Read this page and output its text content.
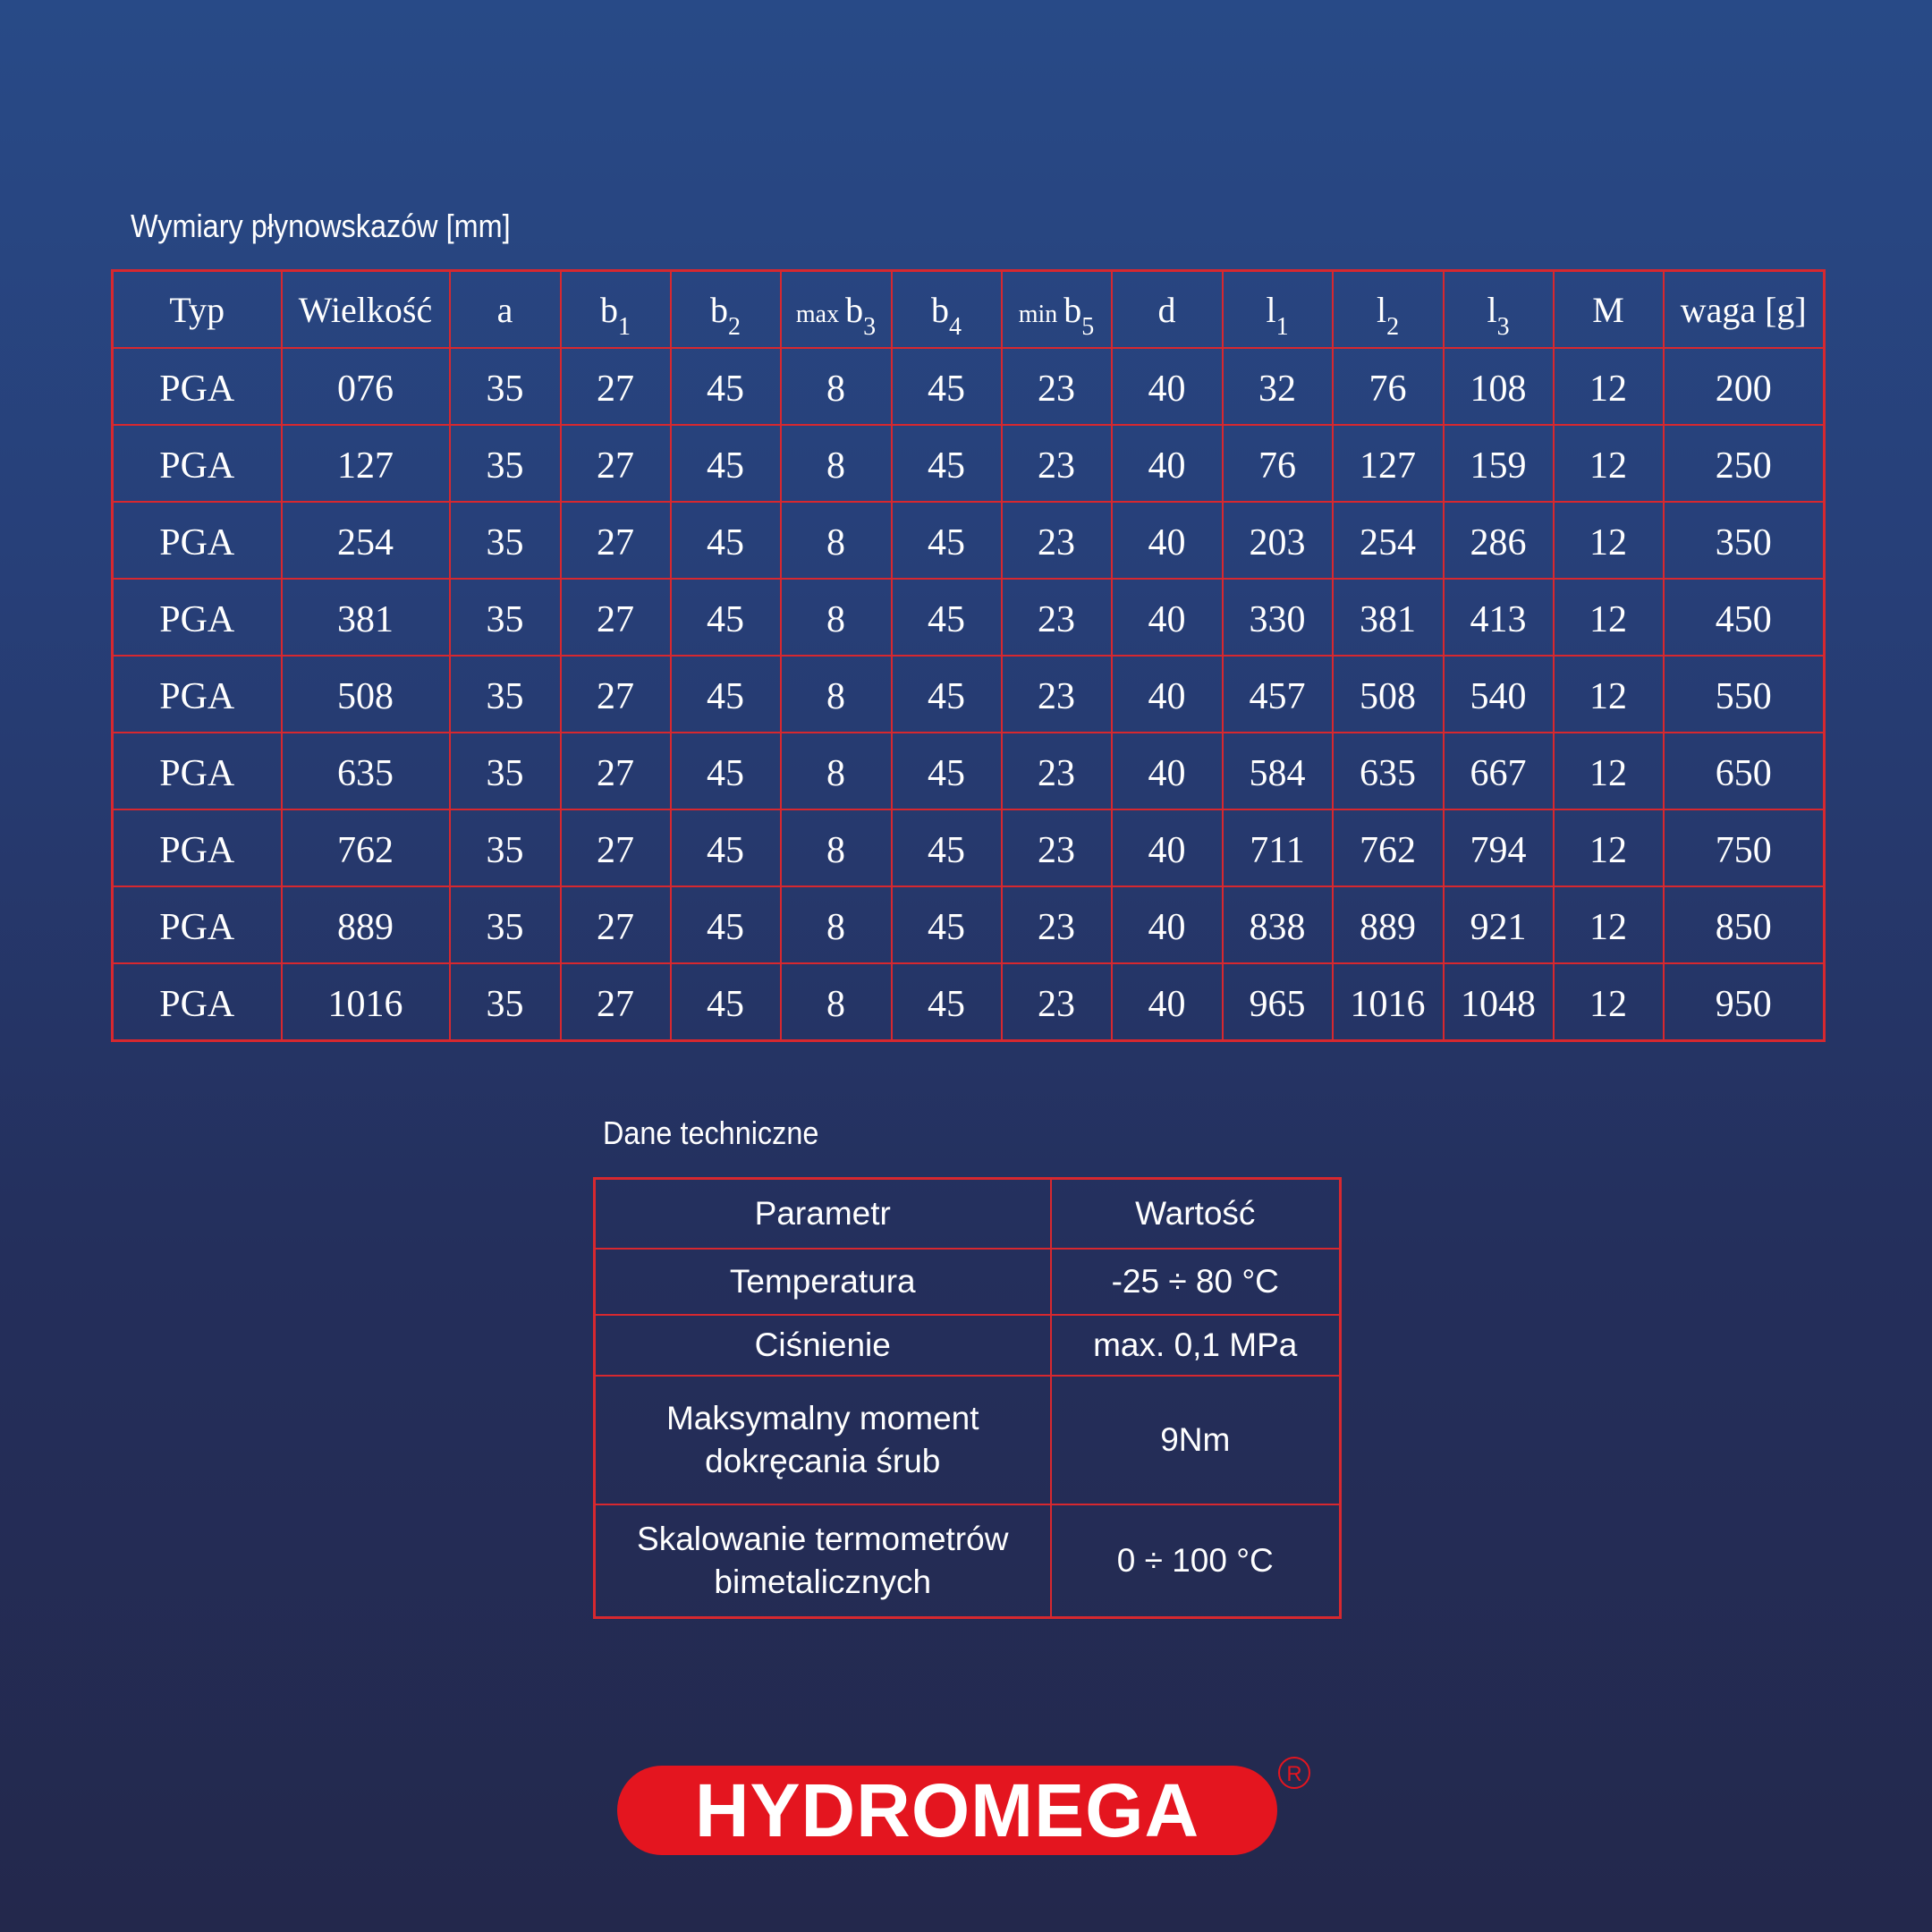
Wymiary płynowskazów [mm]
Typ	Wielkość	a	$b_1$	$b_2$	$\max b_3$	$b_4$	$\min b_5$	d	$l_1$	$l_2$	$l_3$	M	waga [g]
PGA	076	35	27	45	8	45	23	40	32	76	108	12	200
PGA	127	35	27	45	8	45	23	40	76	127	159	12	250
PGA	254	35	27	45	8	45	23	40	203	254	286	12	350
PGA	381	35	27	45	8	45	23	40	330	381	413	12	450
PGA	508	35	27	45	8	45	23	40	457	508	540	12	550
PGA	635	35	27	45	8	45	23	40	584	635	667	12	650
PGA	762	35	27	45	8	45	23	40	711	762	794	12	750
PGA	889	35	27	45	8	45	23	40	838	889	921	12	850
PGA	1016	35	27	45	8	45	23	40	965	1016	1048	12	950
Dane techniczne
Parametr	Wartość
Temperatura	-25 ÷ 80 °C
Ciśnienie	max. 0,1 MPa
Maksymalny moment dokręcania śrub	9Nm
Skalowanie termometrów bimetalicznych	0 ÷ 100 °C
HYDROMEGA	R
